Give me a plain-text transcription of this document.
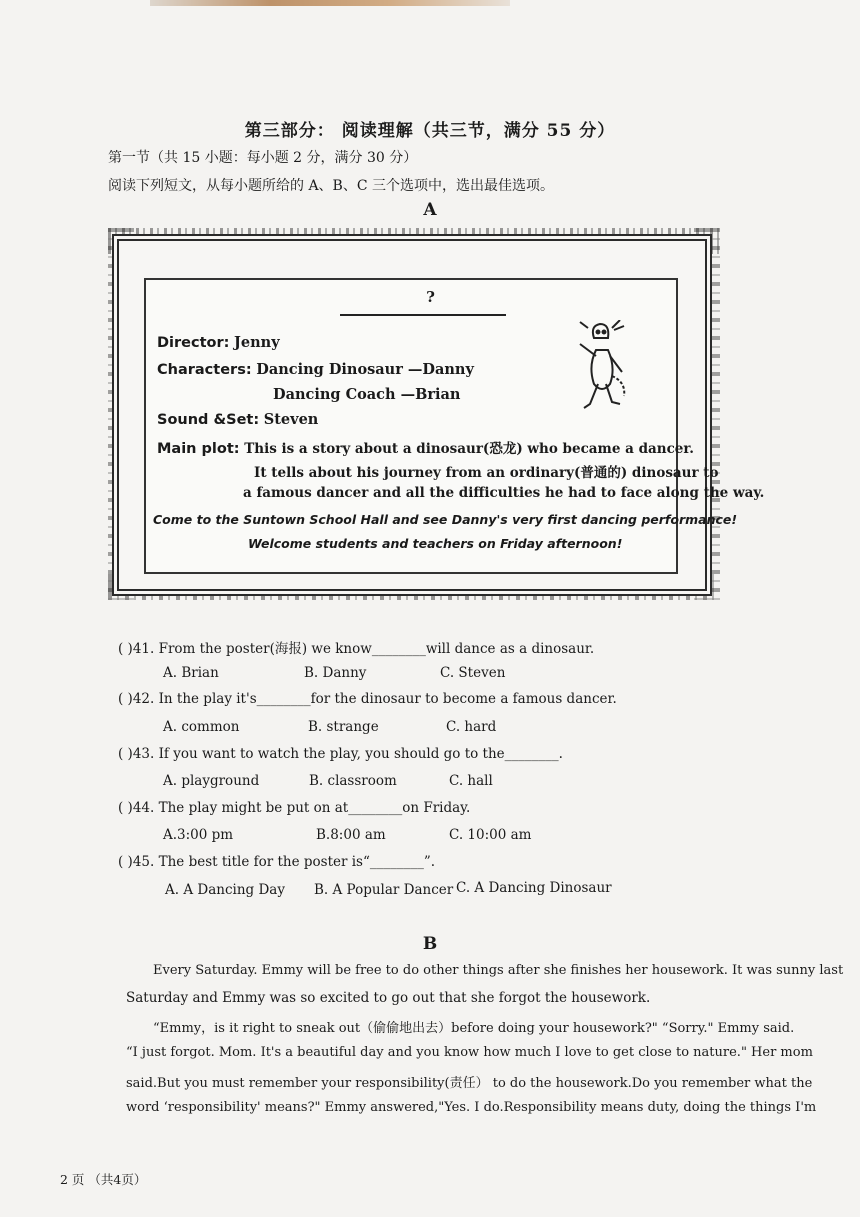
第三部分： 阅读理解（共三节，满分 55 分）
第一节（共 15 小题：每小题 2 分，满分 30 分）
阅读下列短文，从每小题所给的 A、B、C 三个选项中，选出最佳选项。
A
?
Director: Jenny
Characters: Dancing Dinosaur —Danny
Dancing Coach —Brian
Sound &Set: Steven
Main plot: This is a story about a dinosaur(恐龙) who became a dancer.
It tells about his journey from an ordinary(普通的) dinosaur to
a famous dancer and all the difficulties he had to face along the way.
Come to the Suntown School Hall and see Danny's very first dancing performance!
Welcome students and teachers on Friday afternoon!
( )41. From the poster(海报) we know________will dance as a dinosaur.
A. Brian	B. Danny	C. Steven
( )42. In the play it's________for the dinosaur to become a famous dancer.
A. common	B. strange	C. hard
( )43. If you want to watch the play, you should go to the________.
A. playground	B. classroom	C. hall
( )44. The play might be put on at________on Friday.
A.3:00 pm	B.8:00 am	C. 10:00 am
( )45. The best title for the poster is“________”.
A. A Dancing Day B. A Popular Dancer C. A Dancing Dinosaur
B
Every Saturday. Emmy will be free to do other things after she finishes her housework. It was sunny last
Saturday and Emmy was so excited to go out that she forgot the housework.
“Emmy，is it right to sneak out（偷偷地出去）before doing your housework?" “Sorry." Emmy said.
“I just forgot. Mom. It's a beautiful day and you know how much I love to get close to nature." Her mom
said.But you must remember your responsibility(责任） to do the housework.Do you remember what the
word ‘responsibility' means?" Emmy answered,"Yes. I do.Responsibility means duty, doing the things I'm
2 页 （共4页）
